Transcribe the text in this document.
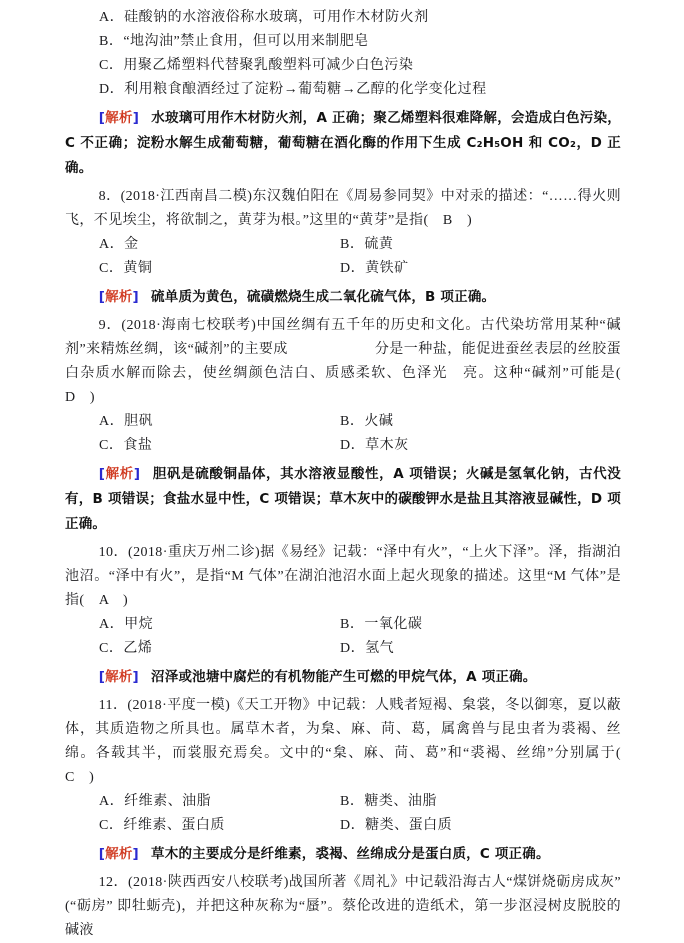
A．硅酸钠的水溶液俗称水玻璃，可用作木材防火剂

B．“地沟油”禁止食用，但可以用来制肥皂

C．用聚乙烯塑料代替聚乳酸塑料可减少白色污染

D．利用粮食酿酒经过了淀粉→葡萄糖→乙醇的化学变化过程

[解析] 水玻璃可用作木材防火剂，A 正确；聚乙烯塑料很难降解，会造成白色污染，C 不正确；淀粉水解生成葡萄糖，葡萄糖在酒化酶的作用下生成 C₂H₅OH 和 CO₂，D 正确。

8．(2018·江西南昌二模)东汉魏伯阳在《周易参同契》中对汞的描述：“……得火则飞，不见埃尘，将欲制之，黄芽为根。”这里的“黄芽”是指(　B　)

A．金	B．硫黄

C．黄铜	D．黄铁矿

[解析] 硫单质为黄色，硫磺燃烧生成二氧化硫气体，B 项正确。

9．(2018·海南七校联考)中国丝绸有五千年的历史和文化。古代染坊常用某种“碱剂”来精炼丝绸，该“碱剂”的主要成　　　　　　分是一种盐，能促进蚕丝表层的丝胶蛋白杂质水解而除去，使丝绸颜色洁白、质感柔软、色泽光　亮。这种“碱剂”可能是(　D　)

A．胆矾	B．火碱

C．食盐	D．草木灰

[解析] 胆矾是硫酸铜晶体，其水溶液显酸性，A 项错误；火碱是氢氧化钠，古代没有，B 项错误；食盐水显中性，C 项错误；草木灰中的碳酸钾水是盐且其溶液显碱性，D 项正确。

10．(2018·重庆万州二诊)据《易经》记载：“泽中有火”，“上火下泽”。泽，指湖泊池沼。“泽中有火”，是指“M 气体”在湖泊池沼水面上起火现象的描述。这里“M 气体”是指(　A　)

A．甲烷	B．一氧化碳

C．乙烯	D．氢气

[解析] 沼泽或池塘中腐烂的有机物能产生可燃的甲烷气体，A 项正确。

11．(2018·平度一模)《天工开物》中记载：人贱者短褐、枲裳，冬以御寒，夏以蔽体，其质造物之所具也。属草木者，为枲、麻、苘、葛，属禽兽与昆虫者为裘褐、丝绵。各载其半，而裳服充焉矣。文中的“枲、麻、苘、葛”和“裘褐、丝绵”分别属于(　C　)

A．纤维素、油脂	B．糖类、油脂

C．纤维素、蛋白质	D．糖类、蛋白质

[解析] 草木的主要成分是纤维素，裘褐、丝绵成分是蛋白质，C 项正确。

12．(2018·陕西西安八校联考)战国所著《周礼》中记载沿海古人“煤饼烧砺房成灰”(“砺房” 即牡蛎壳)，并把这种灰称为“蜃”。蔡伦改进的造纸术，第一步沤浸树皮脱胶的碱液
